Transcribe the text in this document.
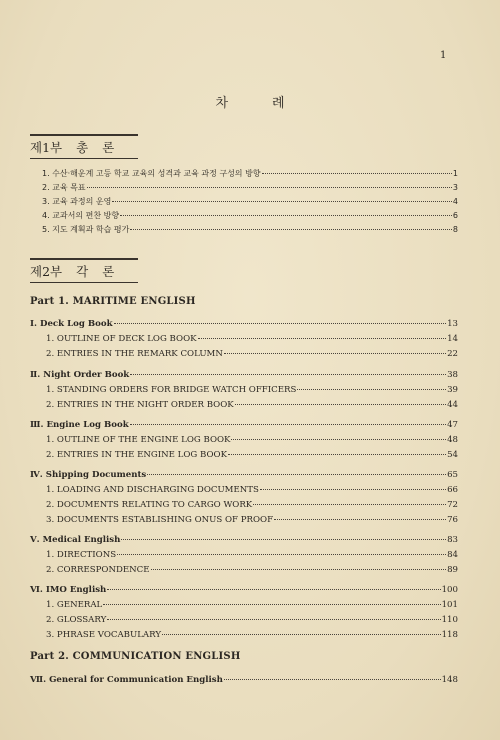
1
차	례
제1부 총 론
1. 수산·해운계 고등 학교 교육의 성격과 교육 과정 구성의 방향	1
2. 교육 목표	3
3. 교육 과정의 운영	4
4. 교과서의 편찬 방향	6
5. 지도 계획과 학습 평가	8
제2부 각 론
Part 1. MARITIME ENGLISH
Ⅰ. Deck Log Book	13
1. OUTLINE OF DECK LOG BOOK	14
2. ENTRIES IN THE REMARK COLUMN	22
Ⅱ. Night Order Book	38
1. STANDING ORDERS FOR BRIDGE WATCH OFFICERS	39
2. ENTRIES IN THE NIGHT ORDER BOOK	44
Ⅲ. Engine Log Book	47
1. OUTLINE OF THE ENGINE LOG BOOK	48
2. ENTRIES IN THE ENGINE LOG BOOK	54
Ⅳ. Shipping Documents	65
1. LOADING AND DISCHARGING DOCUMENTS	66
2. DOCUMENTS RELATING TO CARGO WORK	72
3. DOCUMENTS ESTABLISHING ONUS OF PROOF	76
Ⅴ. Medical English	83
1. DIRECTIONS	84
2. CORRESPONDENCE	89
Ⅵ. IMO English	100
1. GENERAL	101
2. GLOSSARY	110
3. PHRASE VOCABULARY	118
Part 2. COMMUNICATION ENGLISH
Ⅶ. General for Communication English	148
